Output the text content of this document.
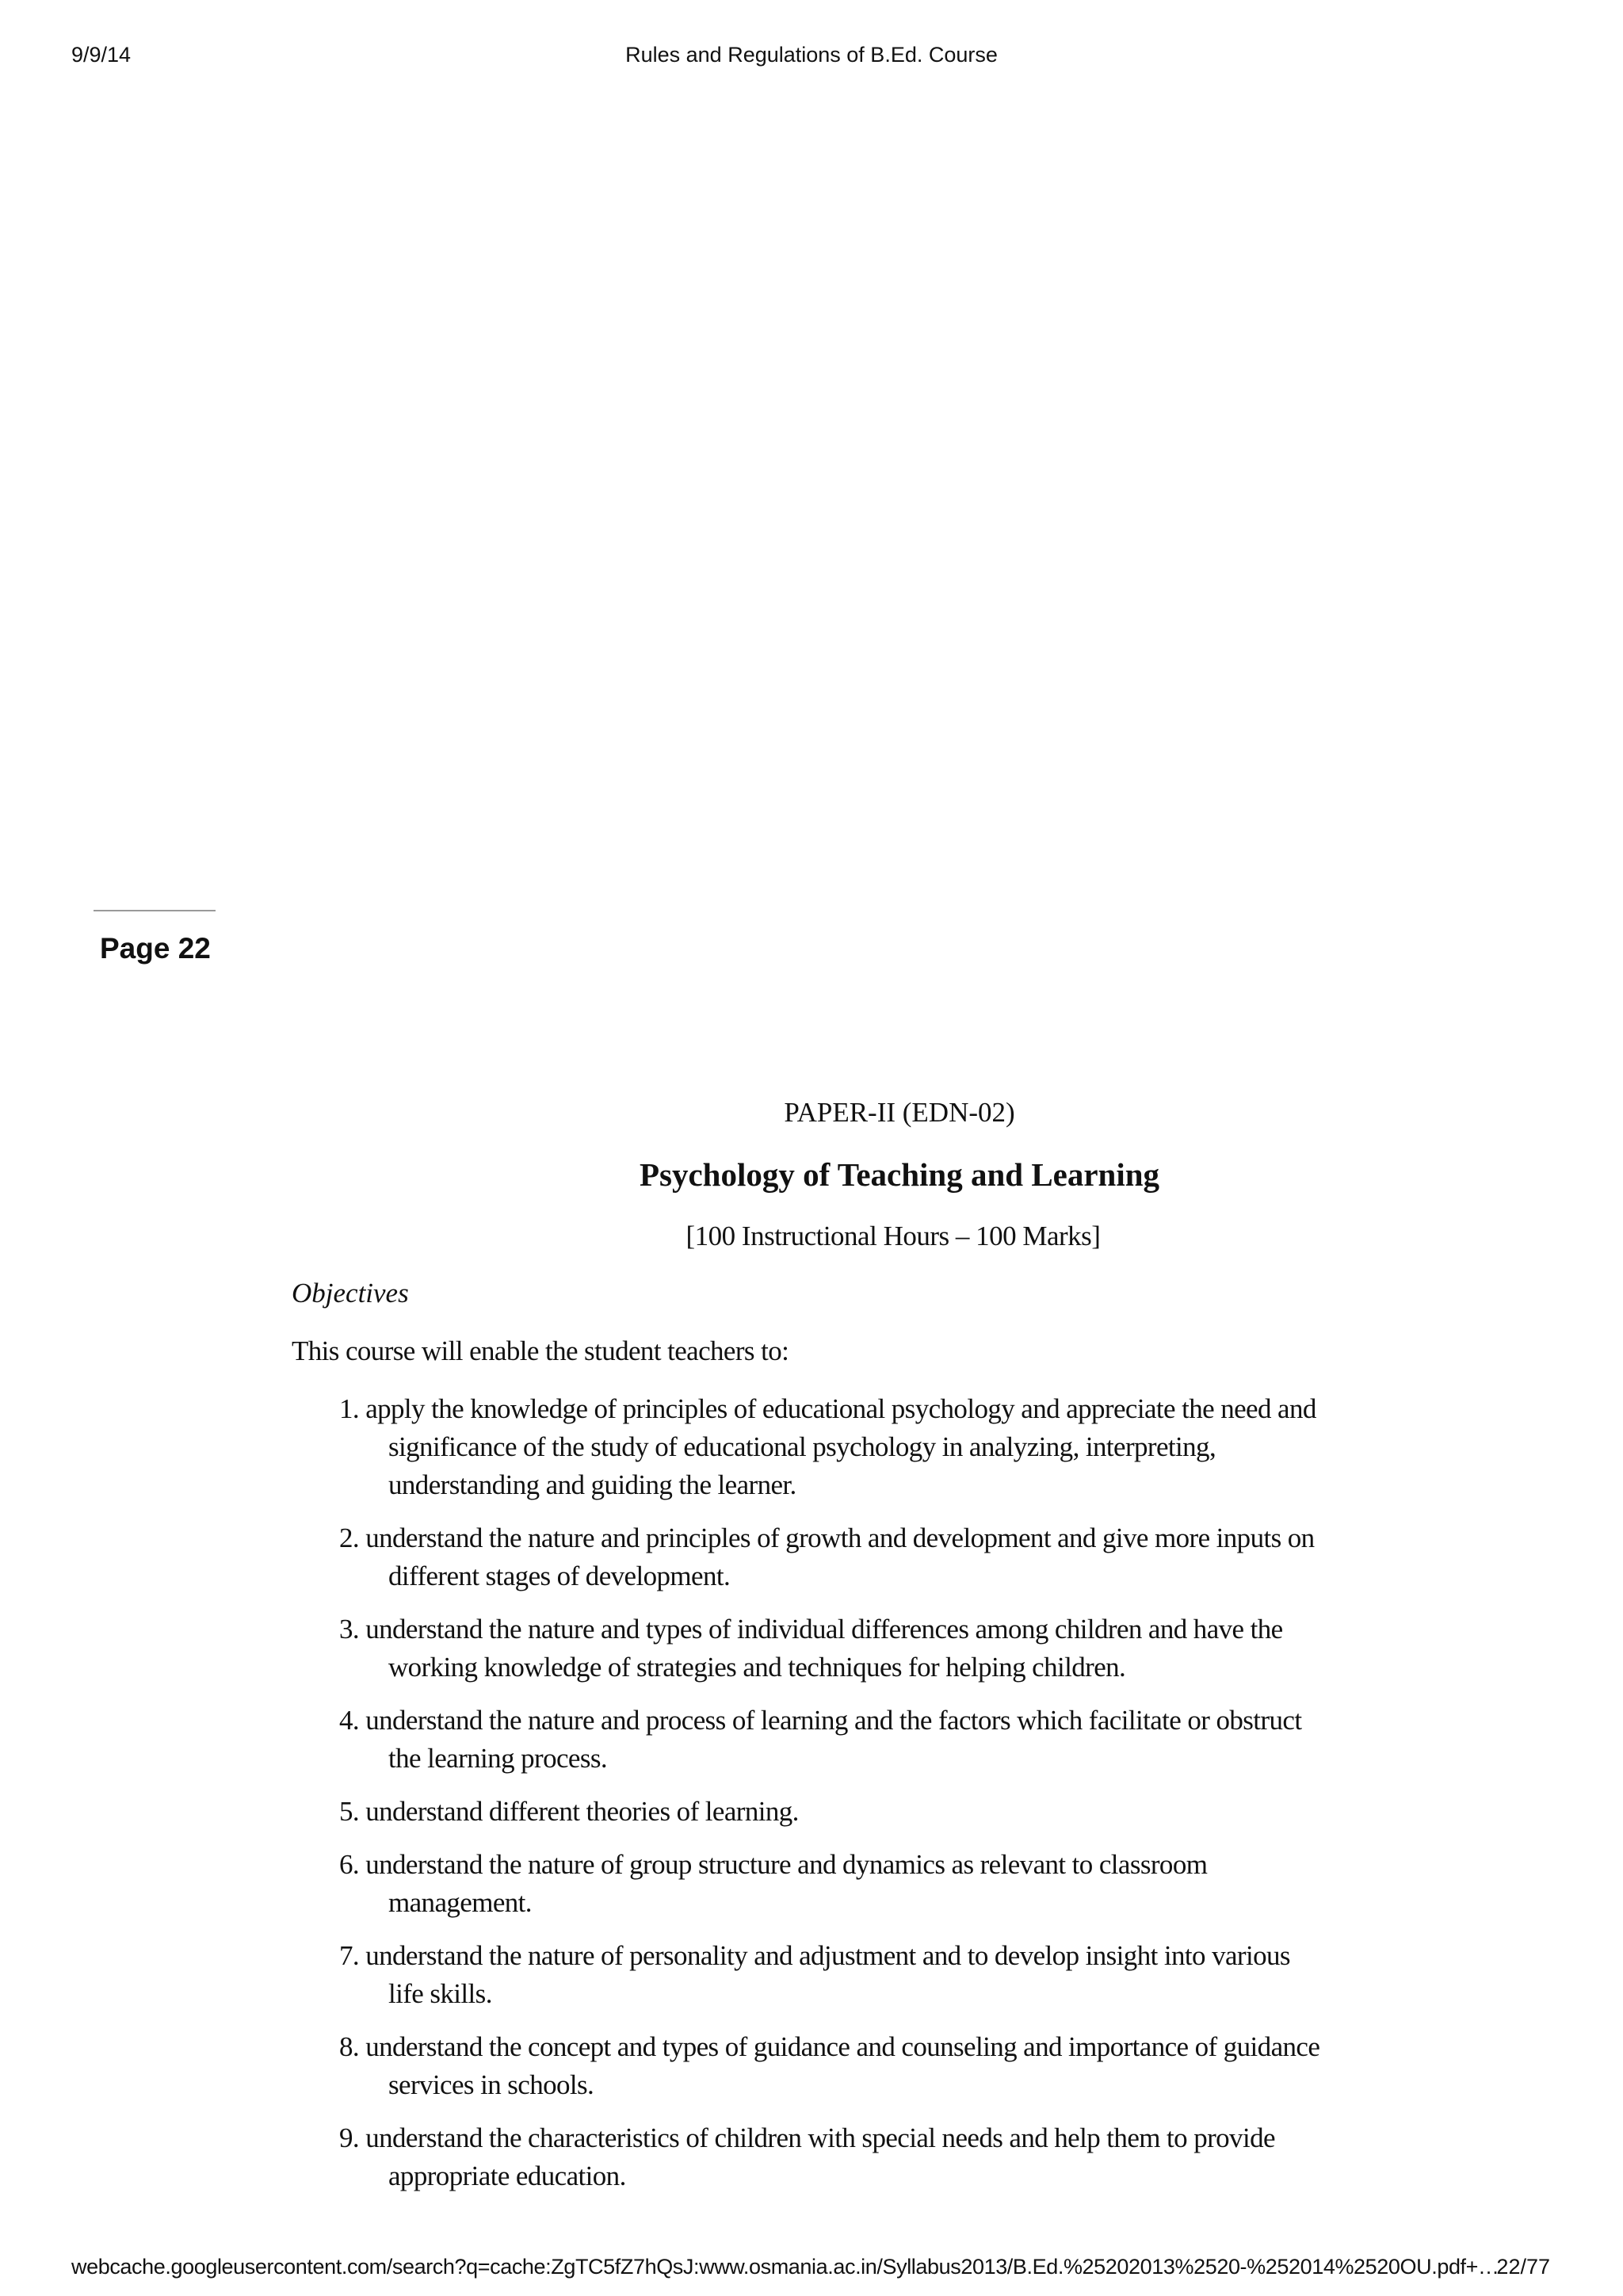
9/9/14	Rules and Regulations of B.Ed. Course
Page 22
PAPER-II (EDN-02)
Psychology of Teaching and Learning
[100 Instructional Hours – 100 Marks]
Objectives
This course will enable the student teachers to:
1. apply the knowledge of principles of educational psychology and appreciate the need and
significance of the study of educational psychology in analyzing, interpreting,
understanding and guiding the learner.
2. understand the nature and principles of growth and development and give more inputs on
different stages of development.
3. understand the nature and types of individual differences among children and have the
working knowledge of strategies and techniques for helping children.
4. understand the nature and process of learning and the factors which facilitate or obstruct
the learning process.
5. understand different theories of learning.
6. understand the nature of group structure and dynamics as relevant to classroom
management.
7. understand the nature of personality and adjustment and to develop insight into various
life skills.
8. understand the concept and types of guidance and counseling and importance of guidance
services in schools.
9. understand the characteristics of children with special needs and help them to provide
appropriate education.
webcache.googleusercontent.com/search?q=cache:ZgTC5fZ7hQsJ:www.osmania.ac.in/Syllabus2013/B.Ed.%25202013%2520-%252014%2520OU.pdf+…
22/77
